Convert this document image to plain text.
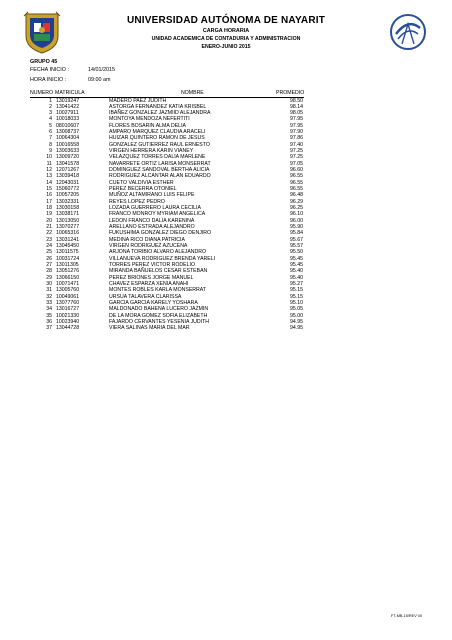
UNIVERSIDAD AUTÓNOMA DE NAYARIT
CARGA HORARIA
UNIDAD ACADEMICA DE CONTADURIA Y ADMINISTRACION
ENERO-JUNIO 2015
GRUPO 45
FECHA INICIO :	14/01/2015
HORA INICIO :	09:00 am
NUMERO MATRICULA	NOMBRE	PROMEDIO
1 13019247	MADERO PAEZ JUDITH	98.50
2 13041422	ASTORGA FERNANDEZ KATIA KRISBEL	98.14
3 10027911	IBAÑEZ GONZALEZ JAZMIID ALEJANDRA	98.05
4 10018033	MONTOYA MENDOZA NEFERTITI	97.95
5 08010607	FLORES BOSARIN ALMA DELIA	97.95
6 13008737	AMPARO MARQUEZ CLAUDIA ARACELI	97.90
7 10064304	HUIZAR QUINTERO RAMON DE JESUS	97.86
8 10016558	GONZALEZ GUTIERREZ RAUL ERNESTO	97.40
9 13003633	VIRGEN HERRERA KARIN VIANEY	97.25
10 13009720	VELAZQUEZ TORRES DALIA MARLENE	97.25
11 13041578	NAVARRETE ORTIZ LARISA MONSERRAT	97.05
12 12071267	DOMINGUEZ SANDOVAL BERTHA ALICIA	96.60
13 13039418	RODRIGUEZ ALCANTAR ALAN EDUARDO	96.55
14 12043031	CUETO VALDIVIA ESTHER	96.55
15 15060772	PEREZ BECERRA OTONIEL	96.55
16 10057205	MUÑOZ ALTAMIRANO LUIS FELIPE	96.48
17 13032331	REYES LOPEZ PEDRO	96.29
18 13030158	LOZADA GUERRERO LAURA CECILIA	96.25
19 13038171	FRANCO MONROY MYRIAM ANGELICA	96.10
20 13013050	LEDON FRANCO DALIA KARENINA	96.00
21 13070277	ARELLANO ESTRADA ALEJANDRO	95.90
22 10065316	FUKUSHIMA GONZALEZ DIEGO DENJIRO	95.84
23 13031241	MEDINA RICO DIANA PATRICIA	95.67
24 13045450	VIRGEN RODRIGUEZ AZUCENA	95.57
25 13011575	ARJONA TORIBIO ALVARO ALEJANDRO	95.50
26 10031724	VILLANUEVA RODRIGUEZ BRENDA YARELI	95.45
27 13011305	TORRES PEREZ VICTOR RODELIO	95.45
28 13051276	MIRANDA BAÑUELOS CESAR ESTEBAN	95.40
29 13066150	PEREZ BRIONES JORGE MANUEL	95.40
30 10071471	CHAVEZ ESPARZA XENIA ANAHI	95.27
31 13005760	MONTES ROBLES KARLA MONSERRAT	95.15
32 10049061	URSUA TALAVERA CLARISSA	95.15
33 13077760	GARCIA GARCIA KARELY YOSHARA	95.10
34 13016727	MALDONADO BAHENA LUCERO JAZMIN	95.05
35 10021330	DE LA MORA GOMEZ SOFIA ELIZABETH	95.00
36 10023940	FAJARDO CERVANTES YESENIA JUDITH	94.95
37 13044728	VIERA SALINAS MARIA DEL MAR	94.95
FT-MB-15/REV 00
